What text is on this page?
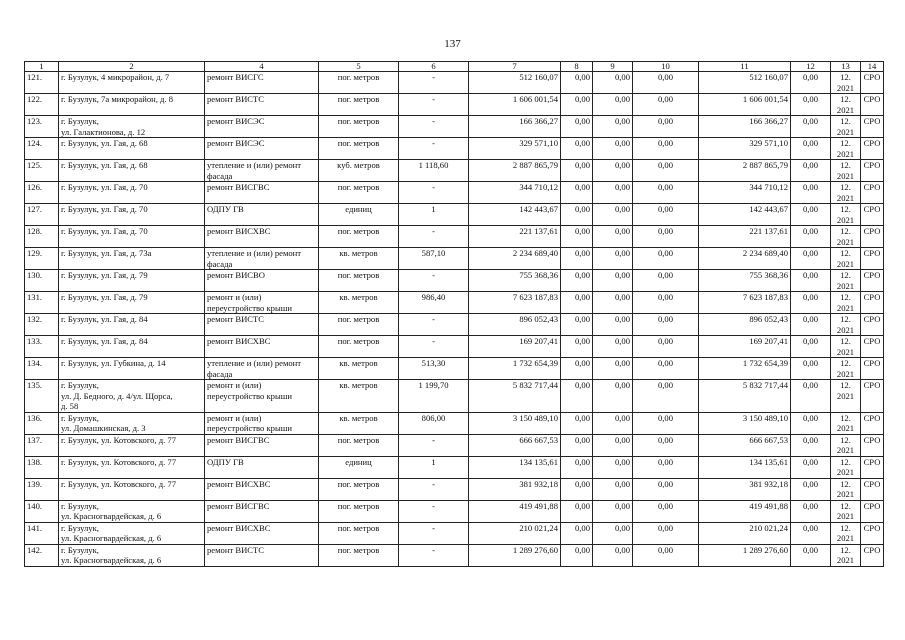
137
1	2	4	5	6	7	8	9	10	11	12	13	14
121.	г. Бузулук, 4 микрорайон, д. 7	ремонт ВИСГС	пог. метров	-	512 160,07	0,00	0,00	0,00	512 160,07	0,00	12. 2021	СРО
122.	г. Бузулук, 7а микрорайон, д. 8	ремонт ВИСТС	пог. метров	-	1 606 001,54	0,00	0,00	0,00	1 606 001,54	0,00	12. 2021	СРО
123.	г. Бузулук,
ул. Галактионова, д. 12	ремонт ВИСЭС	пог. метров	-	166 366,27	0,00	0,00	0,00	166 366,27	0,00	12. 2021	СРО
124.	г. Бузулук, ул. Гая, д. 68	ремонт ВИСЭС	пог. метров	-	329 571,10	0,00	0,00	0,00	329 571,10	0,00	12. 2021	СРО
125.	г. Бузулук, ул. Гая, д. 68	утепление и (или) ремонт фасада	куб. метров	1 118,60	2 887 865,79	0,00	0,00	0,00	2 887 865,79	0,00	12. 2021	СРО
126.	г. Бузулук, ул. Гая, д. 70	ремонт ВИСГВС	пог. метров	-	344 710,12	0,00	0,00	0,00	344 710,12	0,00	12. 2021	СРО
127.	г. Бузулук, ул. Гая, д. 70	ОДПУ ГВ	единиц	1	142 443,67	0,00	0,00	0,00	142 443,67	0,00	12. 2021	СРО
128.	г. Бузулук, ул. Гая, д. 70	ремонт ВИСХВС	пог. метров	-	221 137,61	0,00	0,00	0,00	221 137,61	0,00	12. 2021	СРО
129.	г. Бузулук, ул. Гая, д. 73а	утепление и (или) ремонт фасада	кв. метров	587,10	2 234 689,40	0,00	0,00	0,00	2 234 689,40	0,00	12. 2021	СРО
130.	г. Бузулук, ул. Гая, д. 79	ремонт ВИСВО	пог. метров	-	755 368,36	0,00	0,00	0,00	755 368,36	0,00	12. 2021	СРО
131.	г. Бузулук, ул. Гая, д. 79	ремонт и (или) переустройство крыши	кв. метров	986,40	7 623 187,83	0,00	0,00	0,00	7 623 187,83	0,00	12. 2021	СРО
132.	г. Бузулук, ул. Гая, д. 84	ремонт ВИСТС	пог. метров	-	896 052,43	0,00	0,00	0,00	896 052,43	0,00	12. 2021	СРО
133.	г. Бузулук, ул. Гая, д. 84	ремонт ВИСХВС	пог. метров	-	169 207,41	0,00	0,00	0,00	169 207,41	0,00	12. 2021	СРО
134.	г. Бузулук, ул. Губкина, д. 14	утепление и (или) ремонт фасада	кв. метров	513,30	1 732 654,39	0,00	0,00	0,00	1 732 654,39	0,00	12. 2021	СРО
135.	г. Бузулук,
ул. Д. Бедного, д. 4/ул. Щорса,
д. 58	ремонт и (или) переустройство крыши	кв. метров	1 199,70	5 832 717,44	0,00	0,00	0,00	5 832 717,44	0,00	12. 2021	СРО
136.	г. Бузулук,
ул. Домашкинская, д. 3	ремонт и (или) переустройство крыши	кв. метров	806,00	3 150 489,10	0,00	0,00	0,00	3 150 489,10	0,00	12. 2021	СРО
137.	г. Бузулук, ул. Котовского, д. 77	ремонт ВИСГВС	пог. метров	-	666 667,53	0,00	0,00	0,00	666 667,53	0,00	12. 2021	СРО
138.	г. Бузулук, ул. Котовского, д. 77	ОДПУ ГВ	единиц	1	134 135,61	0,00	0,00	0,00	134 135,61	0,00	12. 2021	СРО
139.	г. Бузулук, ул. Котовского, д. 77	ремонт ВИСХВС	пог. метров	-	381 932,18	0,00	0,00	0,00	381 932,18	0,00	12. 2021	СРО
140.	г. Бузулук,
ул. Красногвардейская, д. 6	ремонт ВИСГВС	пог. метров	-	419 491,88	0,00	0,00	0,00	419 491,88	0,00	12. 2021	СРО
141.	г. Бузулук,
ул. Красногвардейская, д. 6	ремонт ВИСХВС	пог. метров	-	210 021,24	0,00	0,00	0,00	210 021,24	0,00	12. 2021	СРО
142.	г. Бузулук,
ул. Красногвардейская, д. 6	ремонт ВИСТС	пог. метров	-	1 289 276,60	0,00	0,00	0,00	1 289 276,60	0,00	12. 2021	СРО
